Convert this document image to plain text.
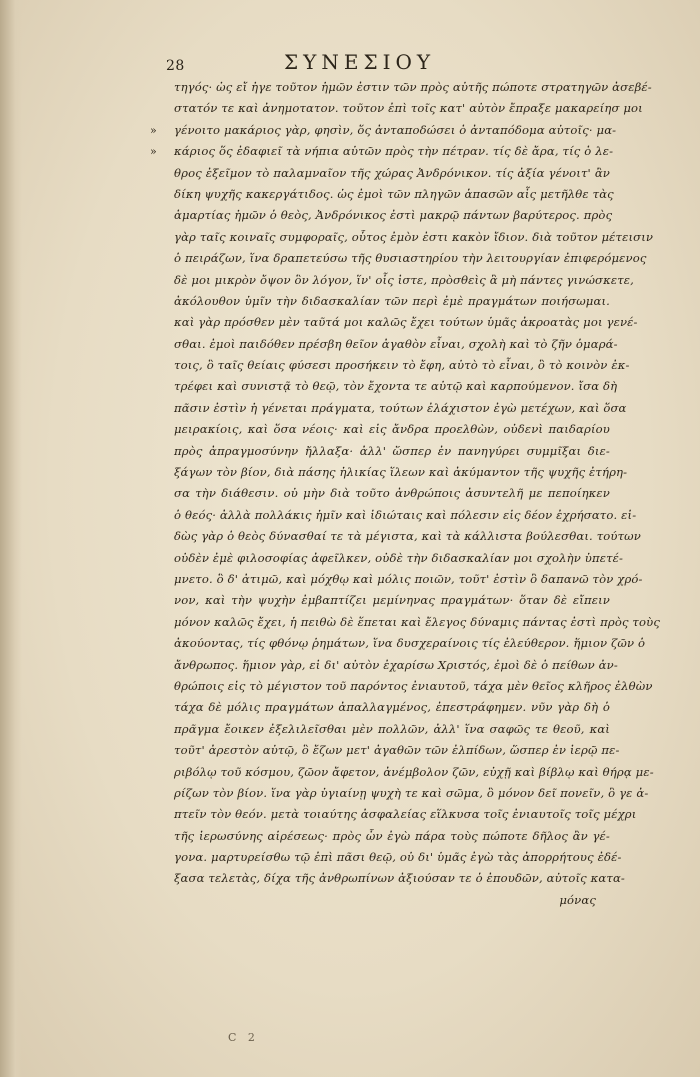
28	ΣΥΝΕΣΙΟΥ
τηγός· ὡς εἴ ἠγε τοῦτον ἡμῶν ἐστιν τῶν πρὸς αὐτῆς πώποτε στρατηγῶν ἀσεβέ-
στατόν τε καὶ ἀνημοτατον. τοῦτον ἐπὶ τοῖς κατ' αὐτὸν ἔπραξε μακαρείησ μοι
»	γένοιτο μακάριος γὰρ, φησὶν, ὅς ἀνταποδώσει ὁ ἀνταπόδομα αὐτοῖς· μα-
»	κάριος ὅς ἐδαφιεῖ τὰ νήπια αὐτῶν πρὸς τὴν πέτραν. τίς δὲ ἄρα, τίς ὁ λε-
θρος ἐξεῖμον τὸ παλαμναῖον τῆς χώρας Ἀνδρόνικον. τίς ἀξία γένοιτ' ἂν
δίκη ψυχῆς κακεργάτιδος. ὡς ἐμοὶ τῶν πληγῶν ἁπασῶν αἷς μετῆλθε τὰς
ἁμαρτίας ἡμῶν ὁ θεὸς, Ἀνδρόνικος ἐστὶ μακρῷ πάντων βαρύτερος. πρὸς
γὰρ ταῖς κοιναῖς συμφοραῖς, οὗτος ἐμὸν ἐστι κακὸν ἴδιον. διὰ τοῦτον μέτεισιν
ὁ πειράζων, ἵνα δραπετεύσω τῆς θυσιαστηρίου τὴν λειτουργίαν ἐπιφερόμενος
δὲ μοι μικρὸν ὄψον ὃν λόγον, ἵν' οἷς ἰστε, πρὸσθεὶς ἃ μὴ πάντες γινώσκετε,
ἀκόλουθον ὑμῖν τὴν διδασκαλίαν τῶν περὶ ἐμὲ πραγμάτων ποιήσωμαι.
καὶ γὰρ πρόσθεν μὲν ταῦτά μοι καλῶς ἔχει τούτων ὑμᾶς ἀκροατὰς μοι γενέ-
σθαι. ἐμοὶ παιδόθεν πρέσβη θεῖον ἀγαθὸν εἶναι, σχολὴ καὶ τὸ ζῆν ὁμαρά-
τοις, ὃ ταῖς θείαις φύσεσι προσήκειν τὸ ἔφη, αὐτὸ τὸ εἶναι, ὃ τὸ κοινὸν ἐκ-
τρέφει καὶ συνιστᾷ τὸ θεῷ, τὸν ἔχοντα τε αὐτῷ καὶ καρπούμενον. ἴσα δὴ
πᾶσιν ἐστὶν ἡ γένεται πράγματα, τούτων ἐλάχιστον ἐγὼ μετέχων, καὶ ὅσα
μειρακίοις, καὶ ὅσα νέοις· καὶ εἰς ἄνδρα προελθὼν, οὐδενὶ παιδαρίου
πρὸς ἀπραγμοσύνην ἤλλαξα· ἀλλ' ὥσπερ ἐν πανηγύρει συμμῖξαι διε-
ξάγων τὸν βίον, διὰ πάσης ἡλικίας ἵλεων καὶ ἀκύμαντον τῆς ψυχῆς ἐτήρη-
σα τὴν διάθεσιν. οὐ μὴν διὰ τοῦτο ἀνθρώποις ἀσυντελῆ με πεποίηκεν
ὁ θεός· ἀλλὰ πολλάκις ἡμῖν καὶ ἰδιώταις καὶ πόλεσιν εἰς δέον ἐχρήσατο. εἰ-
δὼς γὰρ ὁ θεὸς δύνασθαί τε τὰ μέγιστα, καὶ τὰ κάλλιστα βούλεσθαι. τούτων
οὐδὲν ἐμὲ φιλοσοφίας ἀφεῖλκεν, οὐδὲ τὴν διδασκαλίαν μοι σχολὴν ὑπετέ-
μνετο. ὃ δ' ἀτιμῶ, καὶ μόχθῳ καὶ μόλις ποιῶν, τοῦτ' ἐστὶν ὃ δαπανῶ τὸν χρό-
νον, καὶ τὴν ψυχὴν ἐμβαπτίζει μεμίνηνας πραγμάτων· ὅταν δὲ εἴπειν
μόνον καλῶς ἔχει, ἡ πειθὼ δὲ ἕπεται καὶ ἔλεγος δύναμις πάντας ἐστὶ πρὸς τοὺς
ἀκούοντας, τίς φθόνῳ ῥημάτων, ἵνα δυσχεραίνοις τίς ἐλεύθερον. ἥμιον ζῶν ὁ
ἄνθρωπος. ἥμιον γὰρ, εἰ δι' αὐτὸν ἐχαρίσω Χριστός, ἐμοὶ δὲ ὁ πείθων ἀν-
θρώποις εἰς τὸ μέγιστον τοῦ παρόντος ἐνιαυτοῦ, τάχα μὲν θεῖος κλῆρος ἐλθὼν
τάχα δὲ μόλις πραγμάτων ἀπαλλαγμένος, ἐπεστράφημεν. νῦν γὰρ δὴ ὁ
πρᾶγμα ἔοικεν ἐξελιλεῖσθαι μὲν πολλῶν, ἀλλ' ἵνα σαφῶς τε θεοῦ, καὶ
τοῦτ' ἀρεστὸν αὐτῷ, ὃ ἔζων μετ' ἀγαθῶν τῶν ἐλπίδων, ὥσπερ ἐν ἱερῷ πε-
ριβόλῳ τοῦ κόσμου, ζῶον ἄφετον, ἀνέμβολον ζῶν, εὐχῇ καὶ βίβλῳ καὶ θήρᾳ με-
ρίζων τὸν βίον. ἵνα γὰρ ὑγιαίνῃ ψυχὴ τε καὶ σῶμα, ὃ μόνον δεῖ πονεῖν, ὃ γε ἀ-
πτεῖν τὸν θεόν. μετὰ τοιαύτης ἀσφαλείας εἵλκυσα τοῖς ἐνιαυτοῖς τοῖς μέχρι
τῆς ἱερωσύνης αἱρέσεως· πρὸς ὧν ἐγὼ πάρα τοὺς πώποτε δῆλος ἂν γέ-
γονα. μαρτυρείσθω τῷ ἐπὶ πᾶσι θεῷ, οὐ δι' ὑμᾶς ἐγὼ τὰς ἀπορρήτους ἐδέ-
ξασα τελετὰς, δίχα τῆς ἀνθρωπίνων ἀξιούσαν τε ὁ ἐπουδῶν, αὐτοῖς κατα-
μόνας
C 2
